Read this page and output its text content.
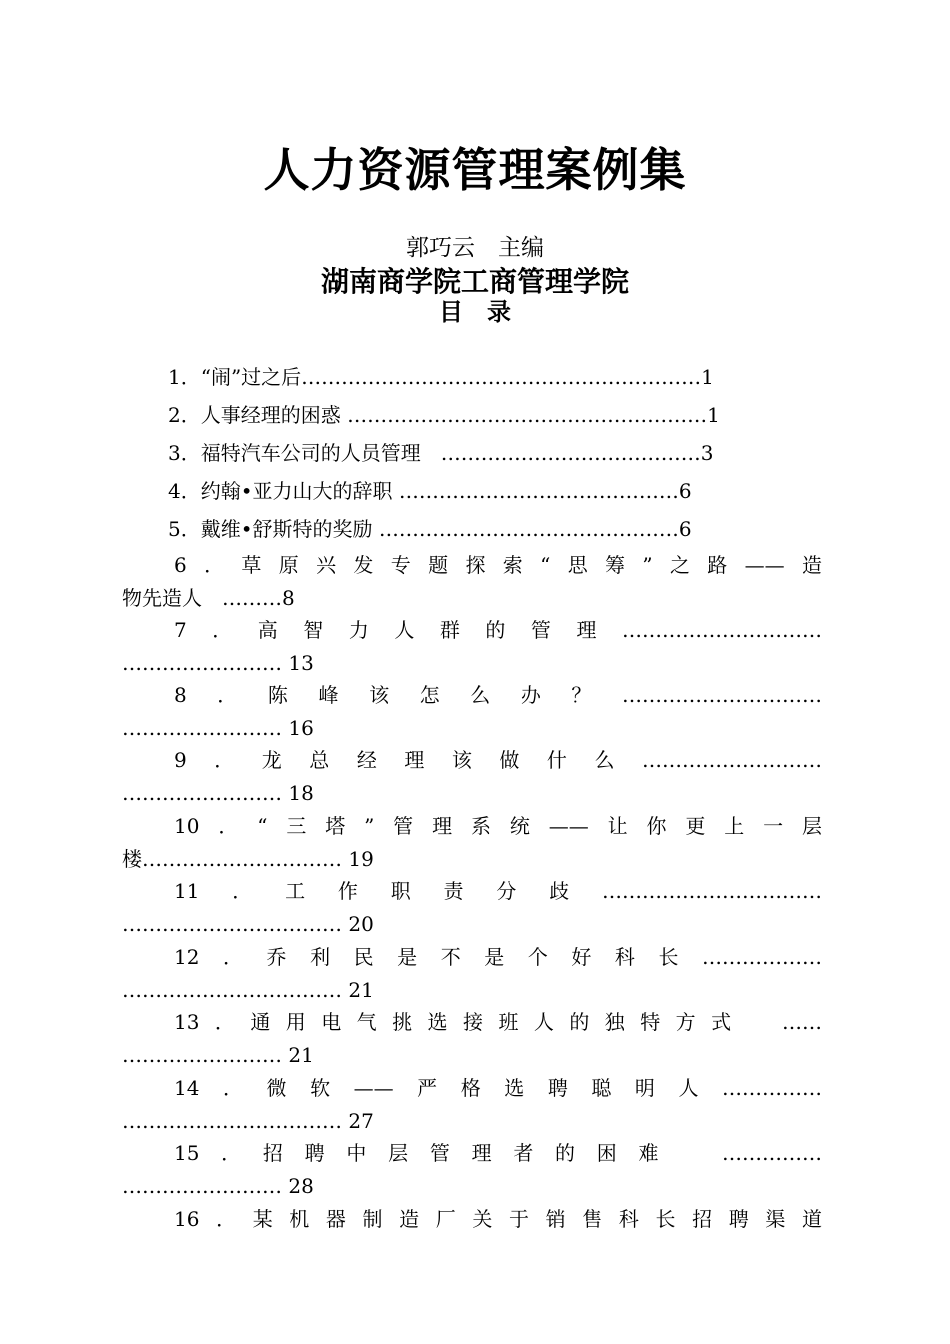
人力资源管理案例集
郭巧云　主编
湖南商学院工商管理学院
目　录
1．“闹”过之后……………………………………………………1
2．人事经理的困惑 ………………………………………………1
3．福特汽车公司的人员管理　…………………………………3
4．约翰•亚力山大的辞职 ……………………………………6
5．戴维•舒斯特的奖励 ………………………………………6
6．草原兴发专题探索“思筹”之路——造
物先造人　………8
7．高智力人群的管理…………………………
…………………… 13
8．陈峰该怎么办？…………………………
…………………… 16
9．龙总经理该做什么………………………
…………………… 18
10．“三塔”管理系统——让你更上一层
楼………………………… 19
11．工作职责分歧……………………………
…………………………… 20
12．乔利民是不是个好科长………………
…………………………… 21
13．通用电气挑选接班人的独特方式　……
…………………… 21
14．微软——严格选聘聪明人……………
…………………………… 27
15．招聘中层管理者的困难　……………
…………………… 28
16．某机器制造厂关于销售科长招聘渠道
